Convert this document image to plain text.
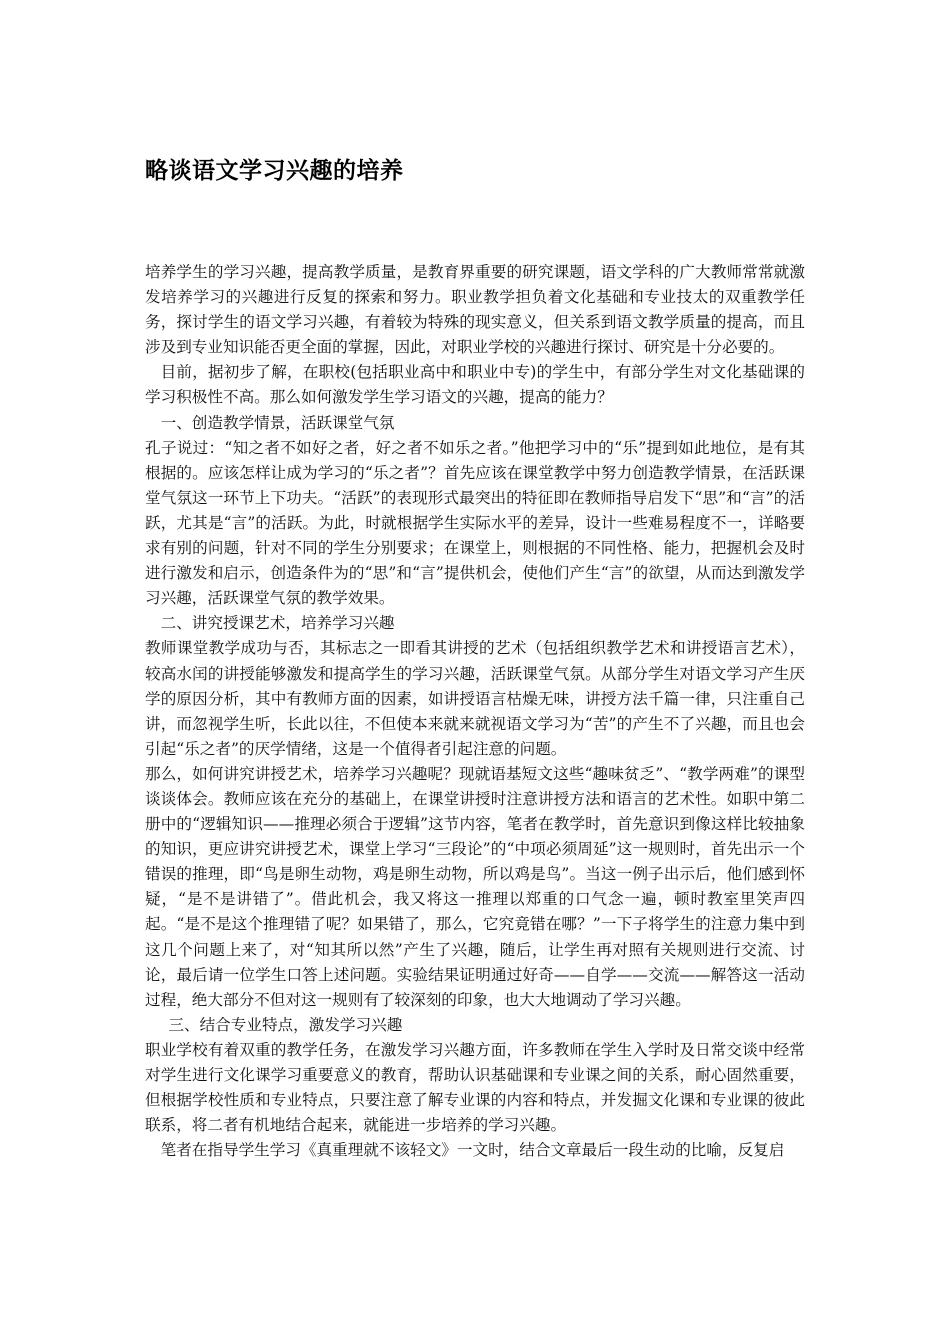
略谈语文学习兴趣的培养

培养学生的学习兴趣，提高教学质量，是教育界重要的研究课题，语文学科的广大教师常常就激发培养学习的兴趣进行反复的探索和努力。职业教学担负着文化基础和专业技太的双重教学任务，探讨学生的语文学习兴趣，有着较为特殊的现实意义，但关系到语文教学质量的提高，而且涉及到专业知识能否更全面的掌握，因此，对职业学校的兴趣进行探讨、研究是十分必要的。

目前，据初步了解，在职校(包括职业高中和职业中专)的学生中，有部分学生对文化基础课的学习积极性不高。那么如何激发学生学习语文的兴趣，提高的能力？

一、创造教学情景，活跃课堂气氛

孔子说过：“知之者不如好之者，好之者不如乐之者。”他把学习中的“乐”提到如此地位，是有其根据的。应该怎样让成为学习的“乐之者”？首先应该在课堂教学中努力创造教学情景，在活跃课堂气氛这一环节上下功夫。“活跃”的表现形式最突出的特征即在教师指导启发下“思”和“言”的活跃，尤其是“言”的活跃。为此，时就根据学生实际水平的差异，设计一些难易程度不一，详略要求有别的问题，针对不同的学生分别要求；在课堂上，则根据的不同性格、能力，把握机会及时进行激发和启示，创造条件为的“思”和“言”提供机会，使他们产生“言”的欲望，从而达到激发学习兴趣，活跃课堂气氛的教学效果。

二、讲究授课艺术，培养学习兴趣

教师课堂教学成功与否，其标志之一即看其讲授的艺术（包括组织教学艺术和讲授语言艺术），较高水闰的讲授能够激发和提高学生的学习兴趣，活跃课堂气氛。从部分学生对语文学习产生厌学的原因分析，其中有教师方面的因素，如讲授语言枯燥无味，讲授方法千篇一律，只注重自己讲，而忽视学生听，长此以往，不但使本来就来就视语文学习为“苦”的产生不了兴趣，而且也会引起“乐之者”的厌学情绪，这是一个值得者引起注意的问题。

那么，如何讲究讲授艺术，培养学习兴趣呢？现就语基短文这些“趣味贫乏”、“教学两难”的课型谈谈体会。教师应该在充分的基础上，在课堂讲授时注意讲授方法和语言的艺术性。如职中第二册中的“逻辑知识——推理必须合于逻辑”这节内容，笔者在教学时，首先意识到像这样比较抽象的知识，更应讲究讲授艺术，课堂上学习“三段论”的“中项必须周延”这一规则时，首先出示一个错误的推理，即“鸟是卵生动物，鸡是卵生动物，所以鸡是鸟”。当这一例子出示后，他们感到怀疑，“是不是讲错了”。借此机会，我又将这一推理以郑重的口气念一遍，顿时教室里笑声四起。“是不是这个推理错了呢？如果错了，那么，它究竟错在哪？”一下子将学生的注意力集中到这几个问题上来了，对“知其所以然”产生了兴趣，随后，让学生再对照有关规则进行交流、讨论，最后请一位学生口答上述问题。实验结果证明通过好奇——自学——交流——解答这一活动过程，绝大部分不但对这一规则有了较深刻的印象，也大大地调动了学习兴趣。

三、结合专业特点，激发学习兴趣

职业学校有着双重的教学任务，在激发学习兴趣方面，许多教师在学生入学时及日常交谈中经常对学生进行文化课学习重要意义的教育，帮助认识基础课和专业课之间的关系，耐心固然重要，但根据学校性质和专业特点，只要注意了解专业课的内容和特点，并发掘文化课和专业课的彼此联系，将二者有机地结合起来，就能进一步培养的学习兴趣。

笔者在指导学生学习《真重理就不该轻文》一文时，结合文章最后一段生动的比喻，反复启
